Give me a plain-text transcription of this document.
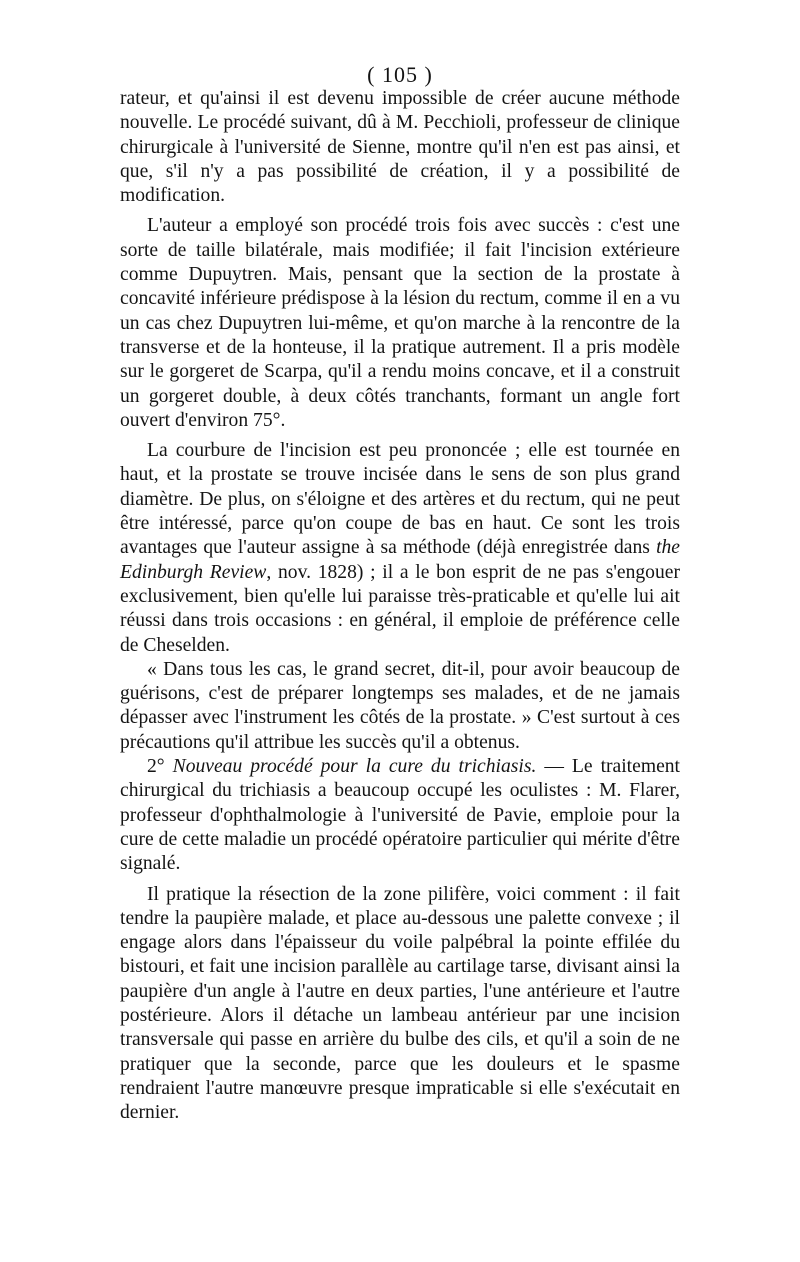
( 105 )

rateur, et qu'ainsi il est devenu impossible de créer aucune méthode nouvelle. Le procédé suivant, dû à M. Pecchioli, professeur de clinique chirurgicale à l'université de Sienne, montre qu'il n'en est pas ainsi, et que, s'il n'y a pas possibilité de création, il y a possibilité de modification.

L'auteur a employé son procédé trois fois avec succès : c'est une sorte de taille bilatérale, mais modifiée; il fait l'incision extérieure comme Dupuytren. Mais, pensant que la section de la prostate à concavité inférieure prédispose à la lésion du rectum, comme il en a vu un cas chez Dupuytren lui-même, et qu'on marche à la rencontre de la transverse et de la honteuse, il la pratique autrement. Il a pris modèle sur le gorgeret de Scarpa, qu'il a rendu moins concave, et il a construit un gorgeret double, à deux côtés tranchants, formant un angle fort ouvert d'environ 75°.

La courbure de l'incision est peu prononcée ; elle est tournée en haut, et la prostate se trouve incisée dans le sens de son plus grand diamètre. De plus, on s'éloigne et des artères et du rectum, qui ne peut être intéressé, parce qu'on coupe de bas en haut. Ce sont les trois avantages que l'auteur assigne à sa méthode (déjà enregistrée dans the Edinburgh Review, nov. 1828) ; il a le bon esprit de ne pas s'engouer exclusivement, bien qu'elle lui paraisse très-praticable et qu'elle lui ait réussi dans trois occasions : en général, il emploie de préférence celle de Cheselden.

« Dans tous les cas, le grand secret, dit-il, pour avoir beaucoup de guérisons, c'est de préparer longtemps ses malades, et de ne jamais dépasser avec l'instrument les côtés de la prostate. » C'est surtout à ces précautions qu'il attribue les succès qu'il a obtenus.

2° Nouveau procédé pour la cure du trichiasis. — Le traitement chirurgical du trichiasis a beaucoup occupé les oculistes : M. Flarer, professeur d'ophthalmologie à l'université de Pavie, emploie pour la cure de cette maladie un procédé opératoire particulier qui mérite d'être signalé.

Il pratique la résection de la zone pilifère, voici comment : il fait tendre la paupière malade, et place au-dessous une palette convexe ; il engage alors dans l'épaisseur du voile palpébral la pointe effilée du bistouri, et fait une incision parallèle au cartilage tarse, divisant ainsi la paupière d'un angle à l'autre en deux parties, l'une antérieure et l'autre postérieure. Alors il détache un lambeau antérieur par une incision transversale qui passe en arrière du bulbe des cils, et qu'il a soin de ne pratiquer que la seconde, parce que les douleurs et le spasme rendraient l'autre manœuvre presque impraticable si elle s'exécutait en dernier.
